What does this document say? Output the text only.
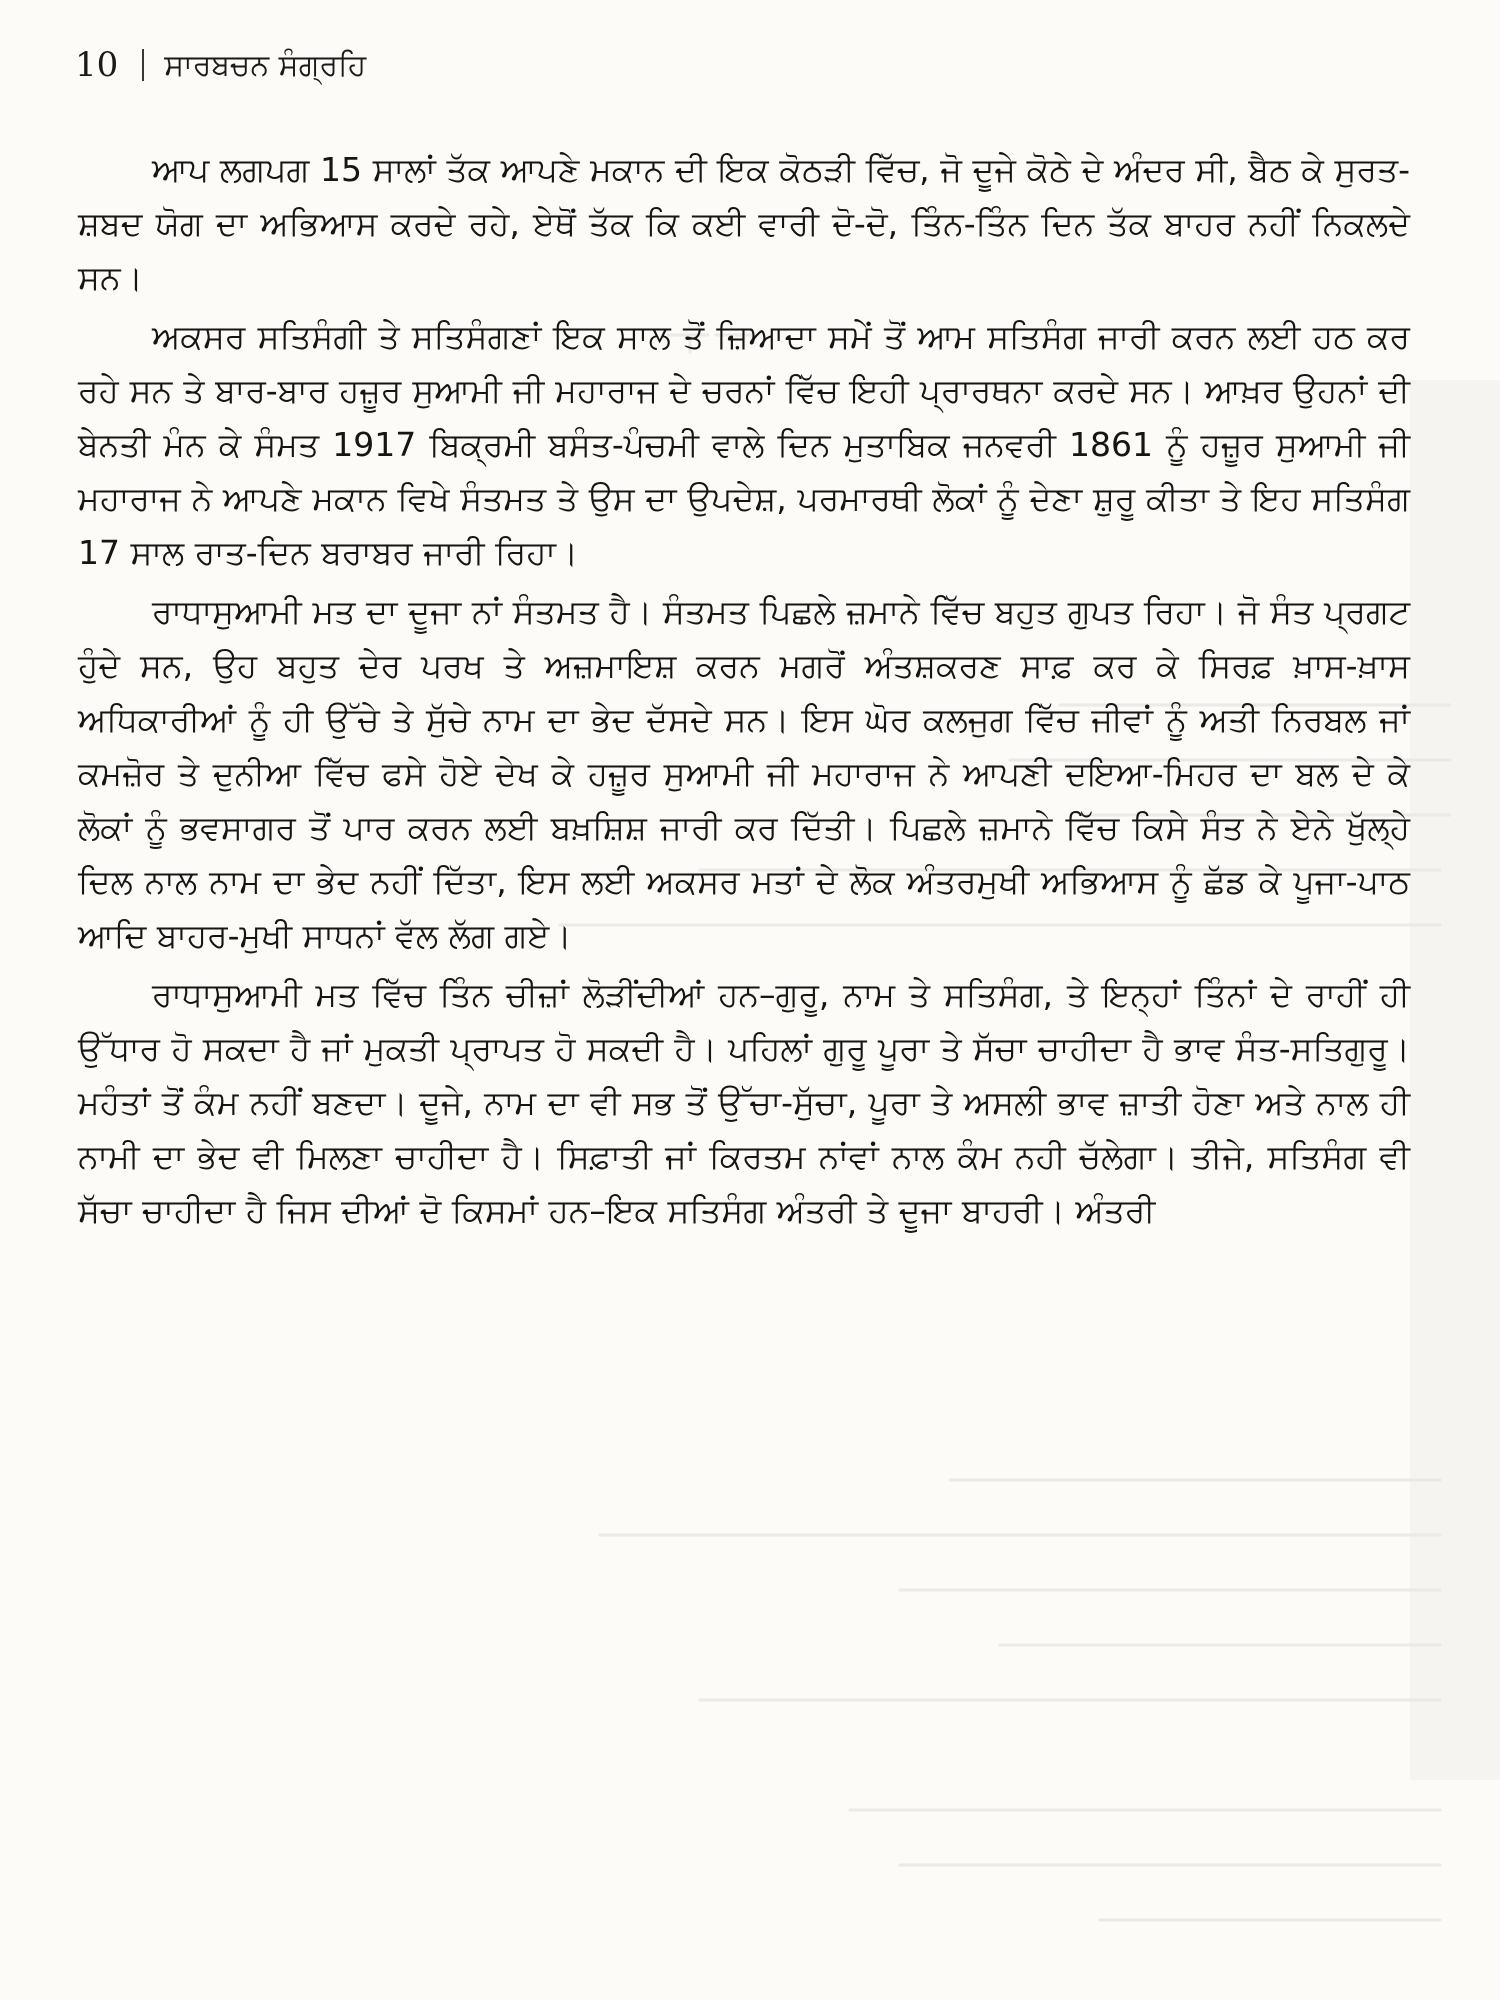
10 ਸਾਰਬਚਨ ਸੰਗ੍ਰਹਿ

ਆਪ ਲਗਪਗ 15 ਸਾਲਾਂ ਤੱਕ ਆਪਣੇ ਮਕਾਨ ਦੀ ਇਕ ਕੋਠੜੀ ਵਿੱਚ, ਜੋ ਦੂਜੇ ਕੋਠੇ ਦੇ ਅੰਦਰ ਸੀ, ਬੈਠ ਕੇ ਸੁਰਤ-ਸ਼ਬਦ ਯੋਗ ਦਾ ਅਭਿਆਸ ਕਰਦੇ ਰਹੇ, ਏਥੋਂ ਤੱਕ ਕਿ ਕਈ ਵਾਰੀ ਦੋ-ਦੋ, ਤਿੰਨ-ਤਿੰਨ ਦਿਨ ਤੱਕ ਬਾਹਰ ਨਹੀਂ ਨਿਕਲਦੇ ਸਨ।

ਅਕਸਰ ਸਤਿਸੰਗੀ ਤੇ ਸਤਿਸੰਗਣਾਂ ਇਕ ਸਾਲ ਤੋਂ ਜ਼ਿਆਦਾ ਸਮੇਂ ਤੋਂ ਆਮ ਸਤਿਸੰਗ ਜਾਰੀ ਕਰਨ ਲਈ ਹਠ ਕਰ ਰਹੇ ਸਨ ਤੇ ਬਾਰ-ਬਾਰ ਹਜ਼ੂਰ ਸੁਆਮੀ ਜੀ ਮਹਾਰਾਜ ਦੇ ਚਰਨਾਂ ਵਿੱਚ ਇਹੀ ਪ੍ਰਾਰਥਨਾ ਕਰਦੇ ਸਨ। ਆਖ਼ਰ ਉਹਨਾਂ ਦੀ ਬੇਨਤੀ ਮੰਨ ਕੇ ਸੰਮਤ 1917 ਬਿਕ੍ਰਮੀ ਬਸੰਤ-ਪੰਚਮੀ ਵਾਲੇ ਦਿਨ ਮੁਤਾਬਿਕ ਜਨਵਰੀ 1861 ਨੂੰ ਹਜ਼ੂਰ ਸੁਆਮੀ ਜੀ ਮਹਾਰਾਜ ਨੇ ਆਪਣੇ ਮਕਾਨ ਵਿਖੇ ਸੰਤਮਤ ਤੇ ਉਸ ਦਾ ਉਪਦੇਸ਼, ਪਰਮਾਰਥੀ ਲੋਕਾਂ ਨੂੰ ਦੇਣਾ ਸ਼ੁਰੂ ਕੀਤਾ ਤੇ ਇਹ ਸਤਿਸੰਗ 17 ਸਾਲ ਰਾਤ-ਦਿਨ ਬਰਾਬਰ ਜਾਰੀ ਰਿਹਾ।

ਰਾਧਾਸੁਆਮੀ ਮਤ ਦਾ ਦੂਜਾ ਨਾਂ ਸੰਤਮਤ ਹੈ। ਸੰਤਮਤ ਪਿਛਲੇ ਜ਼ਮਾਨੇ ਵਿੱਚ ਬਹੁਤ ਗੁਪਤ ਰਿਹਾ। ਜੋ ਸੰਤ ਪ੍ਰਗਟ ਹੁੰਦੇ ਸਨ, ਉਹ ਬਹੁਤ ਦੇਰ ਪਰਖ ਤੇ ਅਜ਼ਮਾਇਸ਼ ਕਰਨ ਮਗਰੋਂ ਅੰਤਸ਼ਕਰਣ ਸਾਫ਼ ਕਰ ਕੇ ਸਿਰਫ਼ ਖ਼ਾਸ-ਖ਼ਾਸ ਅਧਿਕਾਰੀਆਂ ਨੂੰ ਹੀ ਉੱਚੇ ਤੇ ਸੁੱਚੇ ਨਾਮ ਦਾ ਭੇਦ ਦੱਸਦੇ ਸਨ। ਇਸ ਘੋਰ ਕਲਜੁਗ ਵਿੱਚ ਜੀਵਾਂ ਨੂੰ ਅਤੀ ਨਿਰਬਲ ਜਾਂ ਕਮਜ਼ੋਰ ਤੇ ਦੁਨੀਆ ਵਿੱਚ ਫਸੇ ਹੋਏ ਦੇਖ ਕੇ ਹਜ਼ੂਰ ਸੁਆਮੀ ਜੀ ਮਹਾਰਾਜ ਨੇ ਆਪਣੀ ਦਇਆ-ਮਿਹਰ ਦਾ ਬਲ ਦੇ ਕੇ ਲੋਕਾਂ ਨੂੰ ਭਵਸਾਗਰ ਤੋਂ ਪਾਰ ਕਰਨ ਲਈ ਬਖ਼ਸ਼ਿਸ਼ ਜਾਰੀ ਕਰ ਦਿੱਤੀ। ਪਿਛਲੇ ਜ਼ਮਾਨੇ ਵਿੱਚ ਕਿਸੇ ਸੰਤ ਨੇ ਏਨੇ ਖੁੱਲ੍ਹੇ ਦਿਲ ਨਾਲ ਨਾਮ ਦਾ ਭੇਦ ਨਹੀਂ ਦਿੱਤਾ, ਇਸ ਲਈ ਅਕਸਰ ਮਤਾਂ ਦੇ ਲੋਕ ਅੰਤਰਮੁਖੀ ਅਭਿਆਸ ਨੂੰ ਛੱਡ ਕੇ ਪੂਜਾ-ਪਾਠ ਆਦਿ ਬਾਹਰ-ਮੁਖੀ ਸਾਧਨਾਂ ਵੱਲ ਲੱਗ ਗਏ।

ਰਾਧਾਸੁਆਮੀ ਮਤ ਵਿੱਚ ਤਿੰਨ ਚੀਜ਼ਾਂ ਲੋੜੀਂਦੀਆਂ ਹਨ–ਗੁਰੂ, ਨਾਮ ਤੇ ਸਤਿਸੰਗ, ਤੇ ਇਨ੍ਹਾਂ ਤਿੰਨਾਂ ਦੇ ਰਾਹੀਂ ਹੀ ਉੱਧਾਰ ਹੋ ਸਕਦਾ ਹੈ ਜਾਂ ਮੁਕਤੀ ਪ੍ਰਾਪਤ ਹੋ ਸਕਦੀ ਹੈ। ਪਹਿਲਾਂ ਗੁਰੂ ਪੂਰਾ ਤੇ ਸੱਚਾ ਚਾਹੀਦਾ ਹੈ ਭਾਵ ਸੰਤ-ਸਤਿਗੁਰੂ। ਮਹੰਤਾਂ ਤੋਂ ਕੰਮ ਨਹੀਂ ਬਣਦਾ। ਦੂਜੇ, ਨਾਮ ਦਾ ਵੀ ਸਭ ਤੋਂ ਉੱਚਾ-ਸੁੱਚਾ, ਪੂਰਾ ਤੇ ਅਸਲੀ ਭਾਵ ਜ਼ਾਤੀ ਹੋਣਾ ਅਤੇ ਨਾਲ ਹੀ ਨਾਮੀ ਦਾ ਭੇਦ ਵੀ ਮਿਲਣਾ ਚਾਹੀਦਾ ਹੈ। ਸਿਫ਼ਾਤੀ ਜਾਂ ਕਿਰਤਮ ਨਾਂਵਾਂ ਨਾਲ ਕੰਮ ਨਹੀ ਚੱਲੇਗਾ। ਤੀਜੇ, ਸਤਿਸੰਗ ਵੀ ਸੱਚਾ ਚਾਹੀਦਾ ਹੈ ਜਿਸ ਦੀਆਂ ਦੋ ਕਿਸਮਾਂ ਹਨ–ਇਕ ਸਤਿਸੰਗ ਅੰਤਰੀ ਤੇ ਦੂਜਾ ਬਾਹਰੀ। ਅੰਤਰੀ
